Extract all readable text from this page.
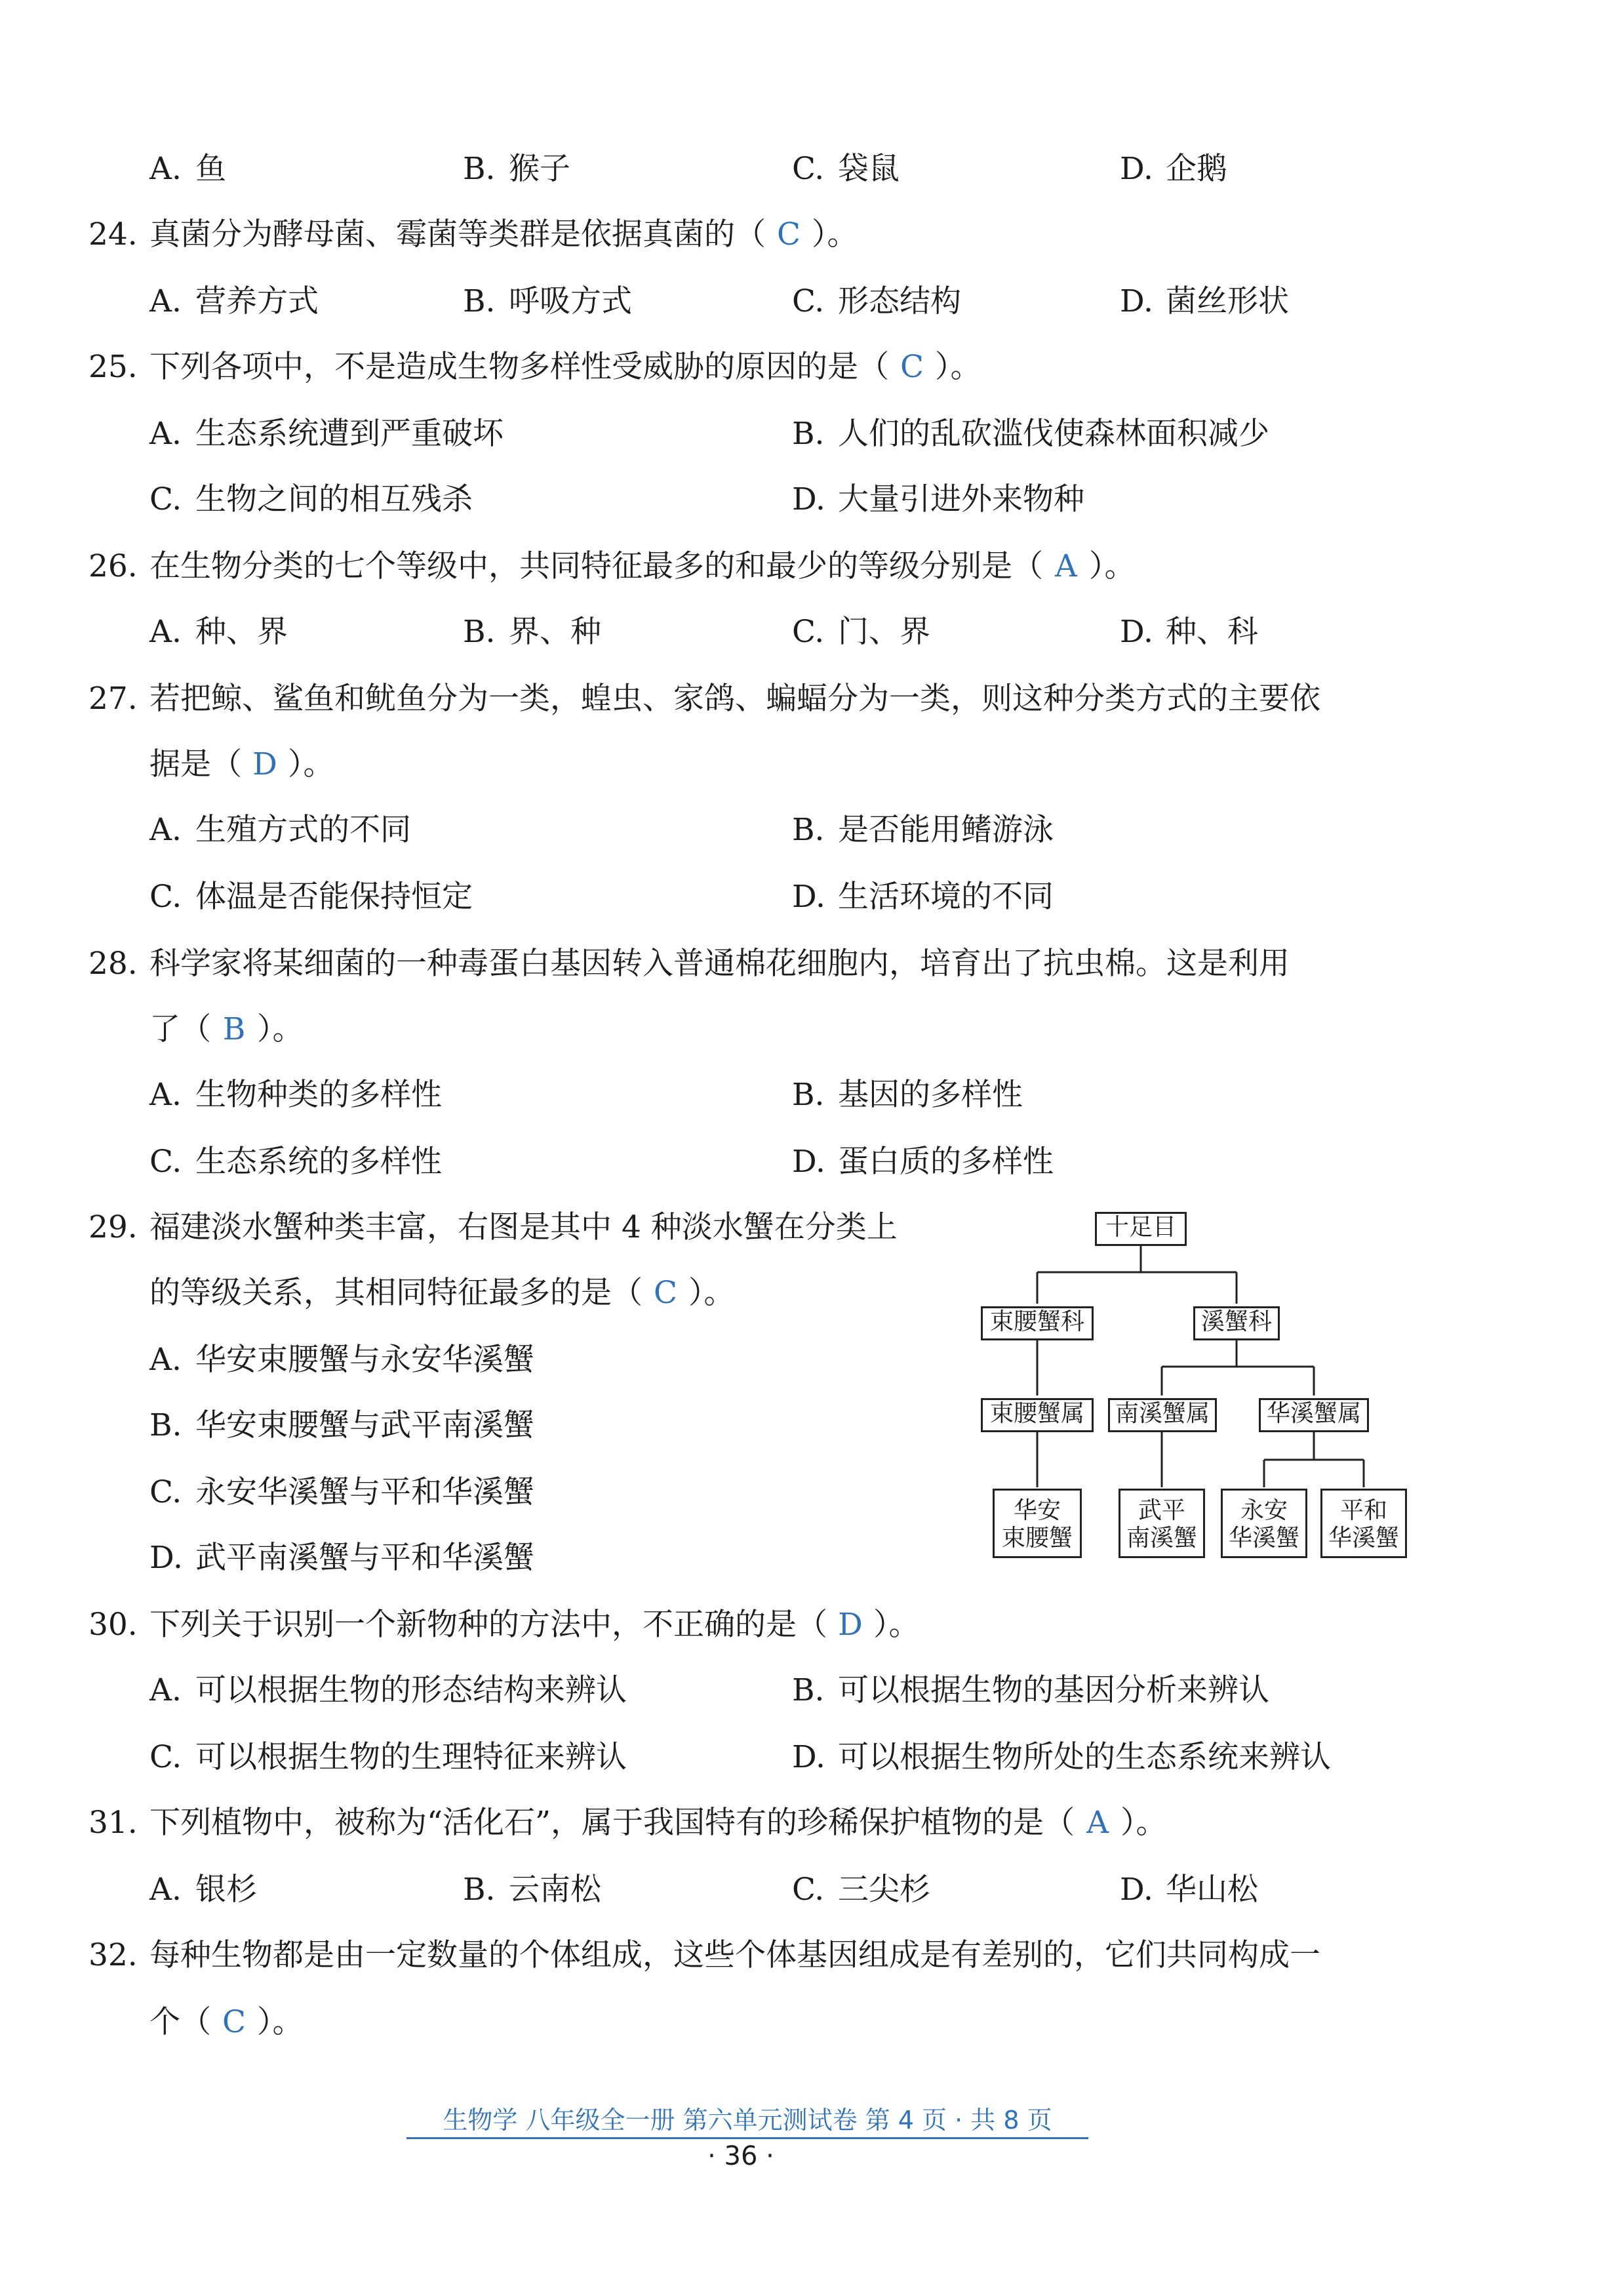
A. 鱼	B. 猴子	C. 袋鼠	D. 企鹅
24. 真菌分为酵母菌、霉菌等类群是依据真菌的（ C ）。
A. 营养方式	B. 呼吸方式	C. 形态结构	D. 菌丝形状
25. 下列各项中，不是造成生物多样性受威胁的原因的是（ C ）。
A. 生态系统遭到严重破坏	B. 人们的乱砍滥伐使森林面积减少
C. 生物之间的相互残杀	D. 大量引进外来物种
26. 在生物分类的七个等级中，共同特征最多的和最少的等级分别是（ A ）。
A. 种、界	B. 界、种	C. 门、界	D. 种、科
27. 若把鲸、鲨鱼和鱿鱼分为一类，蝗虫、家鸽、蝙蝠分为一类，则这种分类方式的主要依
据是（ D ）。
A. 生殖方式的不同	B. 是否能用鳍游泳
C. 体温是否能保持恒定	D. 生活环境的不同
28. 科学家将某细菌的一种毒蛋白基因转入普通棉花细胞内，培育出了抗虫棉。这是利用
了（ B ）。
A. 生物种类的多样性	B. 基因的多样性
C. 生态系统的多样性	D. 蛋白质的多样性
29. 福建淡水蟹种类丰富，右图是其中 4 种淡水蟹在分类上
的等级关系，其相同特征最多的是（ C ）。
A. 华安束腰蟹与永安华溪蟹
B. 华安束腰蟹与武平南溪蟹
C. 永安华溪蟹与平和华溪蟹
D. 武平南溪蟹与平和华溪蟹
十足目
束腰蟹科	溪蟹科
束腰蟹属	南溪蟹属	华溪蟹属
华安
束腰蟹
武平
南溪蟹
永安
华溪蟹
平和
华溪蟹
30. 下列关于识别一个新物种的方法中，不正确的是（ D ）。
A. 可以根据生物的形态结构来辨认	B. 可以根据生物的基因分析来辨认
C. 可以根据生物的生理特征来辨认	D. 可以根据生物所处的生态系统来辨认
31. 下列植物中，被称为“活化石”，属于我国特有的珍稀保护植物的是（ A ）。
A. 银杉	B. 云南松	C. 三尖杉	D. 华山松
32. 每种生物都是由一定数量的个体组成，这些个体基因组成是有差别的，它们共同构成一
个（ C ）。
生物学 八年级全一册 第六单元测试卷 第 4 页 · 共 8 页
· 36 ·
